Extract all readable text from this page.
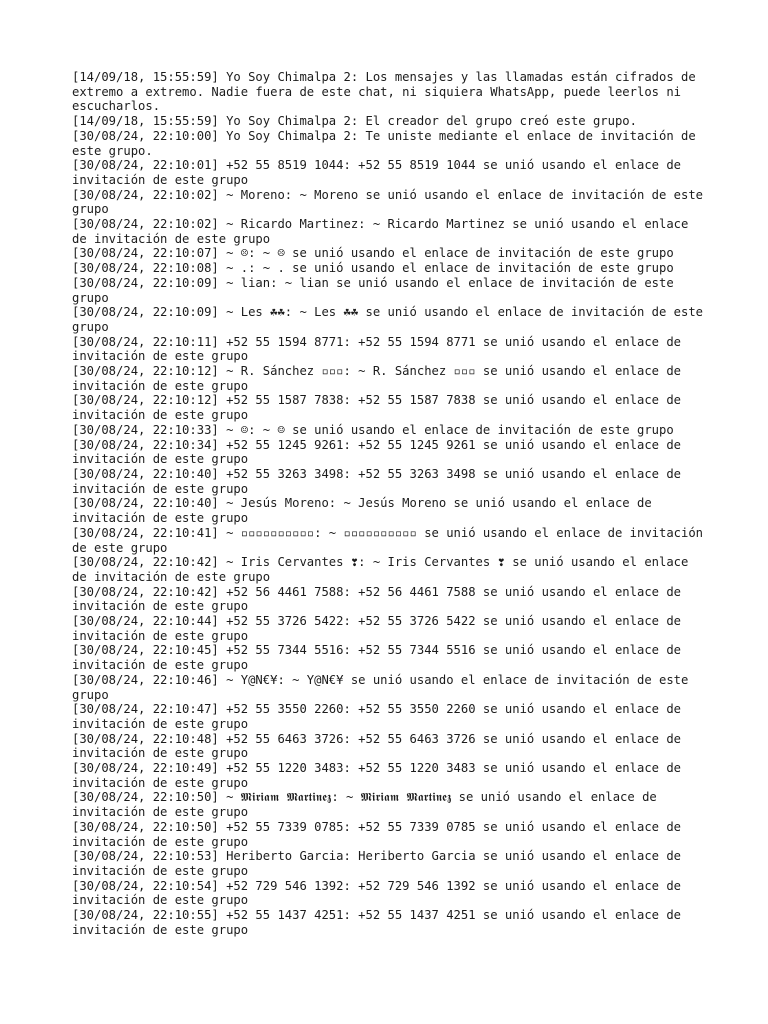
[14/09/18, 15:55:59] Yo Soy Chimalpa 2: Los mensajes y las llamadas están cifrados de extremo a extremo. Nadie fuera de este chat, ni siquiera WhatsApp, puede leerlos ni escucharlos.

[14/09/18, 15:55:59] Yo Soy Chimalpa 2: El creador del grupo creó este grupo.

[30/08/24, 22:10:00] Yo Soy Chimalpa 2: Te uniste mediante el enlace de invitación de este grupo.

[30/08/24, 22:10:01] +52 55 8519 1044: +52 55 8519 1044 se unió usando el enlace de invitación de este grupo

[30/08/24, 22:10:02] ~ Moreno: ~ Moreno se unió usando el enlace de invitación de este grupo

[30/08/24, 22:10:02] ~ Ricardo Martinez: ~ Ricardo Martinez se unió usando el enlace de invitación de este grupo

[30/08/24, 22:10:07] ~ ☹: ~ ☹ se unió usando el enlace de invitación de este grupo

[30/08/24, 22:10:08] ~ .: ~ . se unió usando el enlace de invitación de este grupo

[30/08/24, 22:10:09] ~ lian: ~ lian se unió usando el enlace de invitación de este grupo

[30/08/24, 22:10:09] ~ Les ☘☘: ~ Les ☘☘ se unió usando el enlace de invitación de este grupo

[30/08/24, 22:10:11] +52 55 1594 8771: +52 55 1594 8771 se unió usando el enlace de invitación de este grupo

[30/08/24, 22:10:12] ~ R. Sánchez ▫▫▫: ~ R. Sánchez ▫▫▫ se unió usando el enlace de invitación de este grupo

[30/08/24, 22:10:12] +52 55 1587 7838: +52 55 1587 7838 se unió usando el enlace de invitación de este grupo

[30/08/24, 22:10:33] ~ ☺: ~ ☺ se unió usando el enlace de invitación de este grupo

[30/08/24, 22:10:34] +52 55 1245 9261: +52 55 1245 9261 se unió usando el enlace de invitación de este grupo

[30/08/24, 22:10:40] +52 55 3263 3498: +52 55 3263 3498 se unió usando el enlace de invitación de este grupo

[30/08/24, 22:10:40] ~ Jesús Moreno: ~ Jesús Moreno se unió usando el enlace de invitación de este grupo

[30/08/24, 22:10:41] ~ ▫▫▫▫▫▫▫▫▫▫: ~ ▫▫▫▫▫▫▫▫▫▫ se unió usando el enlace de invitación de este grupo

[30/08/24, 22:10:42] ~ Iris Cervantes ❣: ~ Iris Cervantes ❣ se unió usando el enlace de invitación de este grupo

[30/08/24, 22:10:42] +52 56 4461 7588: +52 56 4461 7588 se unió usando el enlace de invitación de este grupo

[30/08/24, 22:10:44] +52 55 3726 5422: +52 55 3726 5422 se unió usando el enlace de invitación de este grupo

[30/08/24, 22:10:45] +52 55 7344 5516: +52 55 7344 5516 se unió usando el enlace de invitación de este grupo

[30/08/24, 22:10:46] ~ Y@N€¥: ~ Y@N€¥ se unió usando el enlace de invitación de este grupo

[30/08/24, 22:10:47] +52 55 3550 2260: +52 55 3550 2260 se unió usando el enlace de invitación de este grupo

[30/08/24, 22:10:48] +52 55 6463 3726: +52 55 6463 3726 se unió usando el enlace de invitación de este grupo

[30/08/24, 22:10:49] +52 55 1220 3483: +52 55 1220 3483 se unió usando el enlace de invitación de este grupo

[30/08/24, 22:10:50] ~ 𝕸𝖎𝖗𝖎𝖆𝖒 𝕸𝖆𝖗𝖙𝖎𝖓𝖊𝖟: ~ 𝕸𝖎𝖗𝖎𝖆𝖒 𝕸𝖆𝖗𝖙𝖎𝖓𝖊𝖟 se unió usando el enlace de invitación de este grupo

[30/08/24, 22:10:50] +52 55 7339 0785: +52 55 7339 0785 se unió usando el enlace de invitación de este grupo

[30/08/24, 22:10:53] Heriberto Garcia: Heriberto Garcia se unió usando el enlace de invitación de este grupo

[30/08/24, 22:10:54] +52 729 546 1392: +52 729 546 1392 se unió usando el enlace de invitación de este grupo

[30/08/24, 22:10:55] +52 55 1437 4251: +52 55 1437 4251 se unió usando el enlace de invitación de este grupo
